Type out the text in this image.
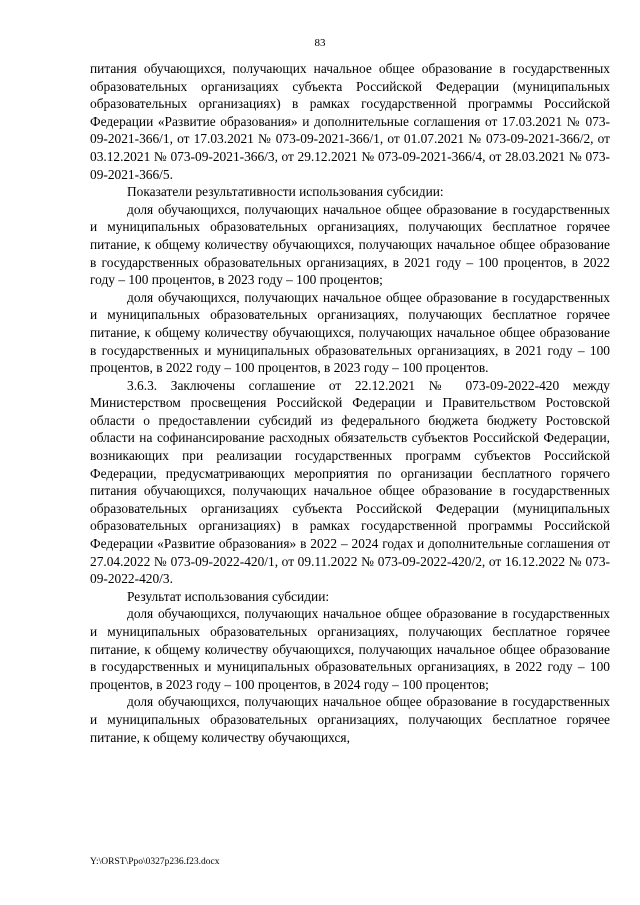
83

питания обучающихся, получающих начальное общее образование в государственных образовательных организациях субъекта Российской Федерации (муниципальных образовательных организациях) в рамках государственной программы Российской Федерации «Развитие образования» и дополнительные соглашения от 17.03.2021 № 073-09-2021-366/1, от 17.03.2021 № 073-09-2021-366/1, от 01.07.2021 № 073-09-2021-366/2, от 03.12.2021 № 073-09-2021-366/3, от 29.12.2021 № 073-09-2021-366/4, от 28.03.2021 № 073-09-2021-366/5.

Показатели результативности использования субсидии:

доля обучающихся, получающих начальное общее образование в государственных и муниципальных образовательных организациях, получающих бесплатное горячее питание, к общему количеству обучающихся, получающих начальное общее образование в государственных образовательных организациях, в 2021 году – 100 процентов, в 2022 году – 100 процентов, в 2023 году – 100 процентов;

доля обучающихся, получающих начальное общее образование в государственных и муниципальных образовательных организациях, получающих бесплатное горячее питание, к общему количеству обучающихся, получающих начальное общее образование в государственных и муниципальных образовательных организациях, в 2021 году – 100 процентов, в 2022 году – 100 процентов, в 2023 году – 100 процентов.

3.6.3. Заключены соглашение от 22.12.2021 № 073-09-2022-420 между Министерством просвещения Российской Федерации и Правительством Ростовской области о предоставлении субсидий из федерального бюджета бюджету Ростовской области на софинансирование расходных обязательств субъектов Российской Федерации, возникающих при реализации государственных программ субъектов Российской Федерации, предусматривающих мероприятия по организации бесплатного горячего питания обучающихся, получающих начальное общее образование в государственных образовательных организациях субъекта Российской Федерации (муниципальных образовательных организациях) в рамках государственной программы Российской Федерации «Развитие образования» в 2022 – 2024 годах и дополнительные соглашения от 27.04.2022 № 073-09-2022-420/1, от 09.11.2022 № 073-09-2022-420/2, от 16.12.2022 № 073-09-2022-420/3.

Результат использования субсидии:

доля обучающихся, получающих начальное общее образование в государственных и муниципальных образовательных организациях, получающих бесплатное горячее питание, к общему количеству обучающихся, получающих начальное общее образование в государственных и муниципальных образовательных организациях, в 2022 году – 100 процентов, в 2023 году – 100 процентов, в 2024 году – 100 процентов;

доля обучающихся, получающих начальное общее образование в государственных и муниципальных образовательных организациях, получающих бесплатное горячее питание, к общему количеству обучающихся,

Y:\ORST\Ppo\0327p236.f23.docx
